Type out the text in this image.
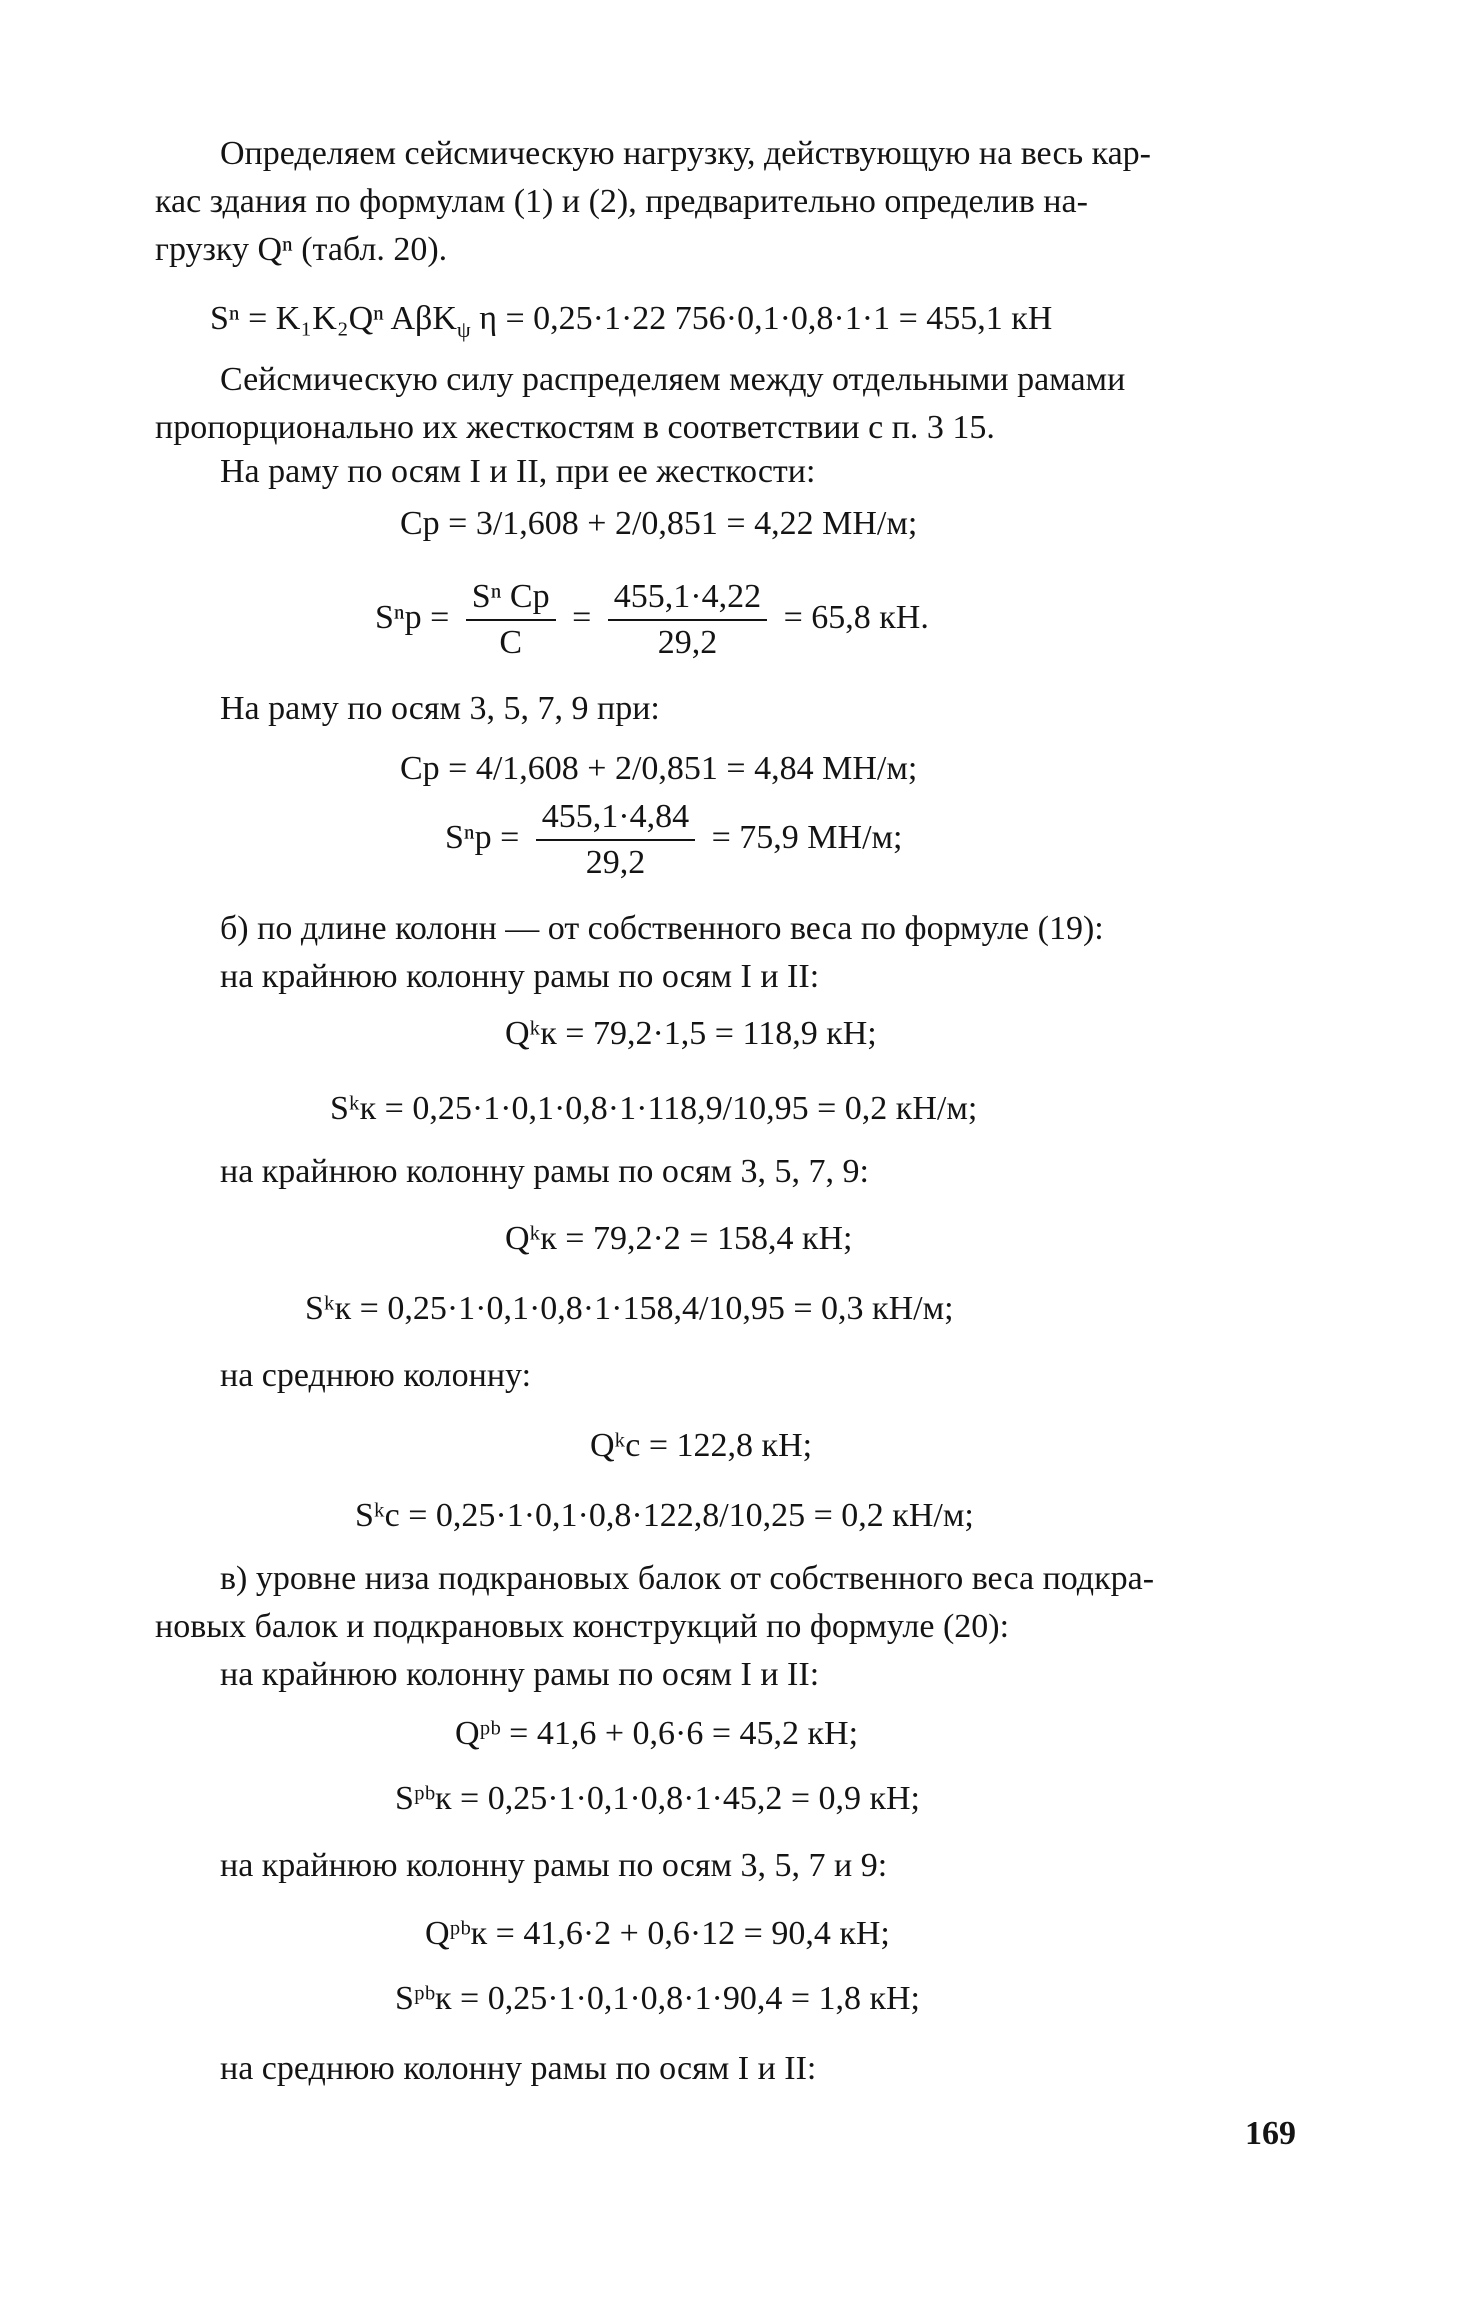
Определяем сейсмическую нагрузку, действующую на весь кар-
кас здания по формулам (1) и (2), предварительно определив на-
грузку Qⁿ (табл. 20).
Sⁿ = K₁K₂Qⁿ AβK$_\psi$ η = 0,25·1·22 756·0,1·0,8·1·1 = 455,1 кН
Сейсмическую силу распределяем между отдельными рамами
пропорционально их жесткостям в соответствии с п. 3 15.
На раму по осям I и II, при ее жесткости:
Cр = 3/1,608 + 2/0,851 = 4,22 МН/м;
$S^nр = \frac{\text{Sⁿ Cр}}{C} = \frac{455,1\cdot 4,22}{29,2} = 65,8$ кН.
На раму по осям 3, 5, 7, 9 при:
Cр = 4/1,608 + 2/0,851 = 4,84 МН/м;
$S^nр = \frac{455,1\cdot 4,84}{29,2} = 75,9$ МН/м;
б) по длине колонн — от собственного веса по формуле (19):
на крайнюю колонну рамы по осям I и II:
Qᵏк = 79,2·1,5 = 118,9 кН;
Sᵏк = 0,25·1·0,1·0,8·1·118,9/10,95 = 0,2 кН/м;
на крайнюю колонну рамы по осям 3, 5, 7, 9:
Qᵏк = 79,2·2 = 158,4 кН;
Sᵏк = 0,25·1·0,1·0,8·1·158,4/10,95 = 0,3 кН/м;
на среднюю колонну:
Qᵏс = 122,8 кН;
Sᵏс = 0,25·1·0,1·0,8·122,8/10,25 = 0,2 кН/м;
в) уровне низа подкрановых балок от собственного веса подкра-
новых балок и подкрановых конструкций по формуле (20):
на крайнюю колонну рамы по осям I и II:
Qᵖᵇ = 41,6 + 0,6·6 = 45,2 кН;
Sᵖᵇк = 0,25·1·0,1·0,8·1·45,2 = 0,9 кН;
на крайнюю колонну рамы по осям 3, 5, 7 и 9:
Qᵖᵇк = 41,6·2 + 0,6·12 = 90,4 кН;
Sᵖᵇк = 0,25·1·0,1·0,8·1·90,4 = 1,8 кН;
на среднюю колонну рамы по осям I и II:
169
